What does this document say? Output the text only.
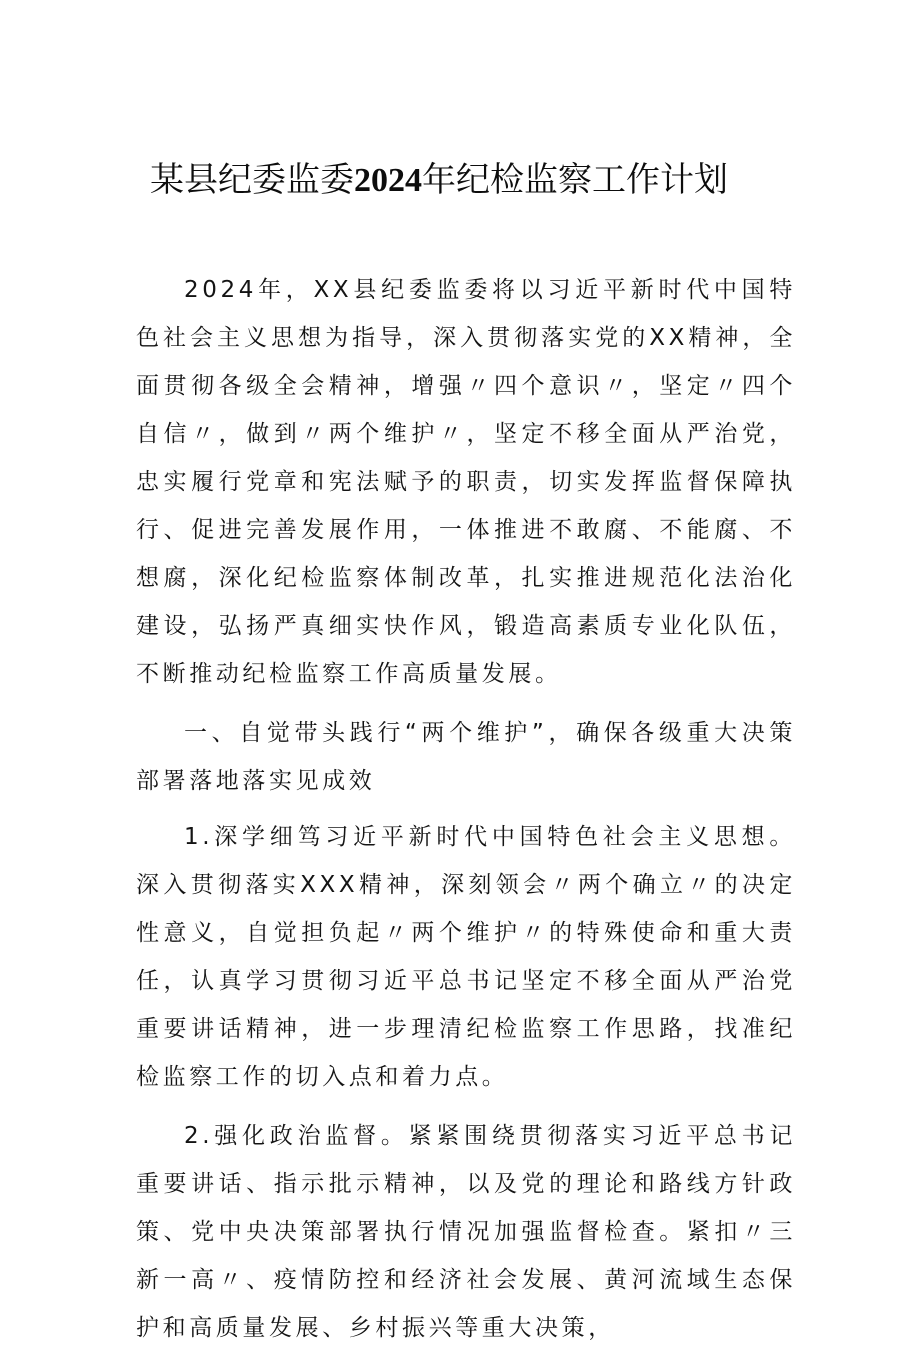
某县纪委监委2024年纪检监察工作计划

2024年，XX县纪委监委将以习近平新时代中国特色社会主义思想为指导，深入贯彻落实党的XX精神，全面贯彻各级全会精神，增强〃四个意识〃，坚定〃四个自信〃，做到〃两个维护〃，坚定不移全面从严治党，忠实履行党章和宪法赋予的职责，切实发挥监督保障执行、促进完善发展作用，一体推进不敢腐、不能腐、不想腐，深化纪检监察体制改革，扎实推进规范化法治化建设，弘扬严真细实快作风，锻造高素质专业化队伍，不断推动纪检监察工作高质量发展。

一、自觉带头践行“两个维护”，确保各级重大决策部署落地落实见成效

1.深学细笃习近平新时代中国特色社会主义思想。深入贯彻落实XXX精神，深刻领会〃两个确立〃的决定性意义，自觉担负起〃两个维护〃的特殊使命和重大责任，认真学习贯彻习近平总书记坚定不移全面从严治党重要讲话精神，进一步理清纪检监察工作思路，找准纪检监察工作的切入点和着力点。

2.强化政治监督。紧紧围绕贯彻落实习近平总书记重要讲话、指示批示精神，以及党的理论和路线方针政策、党中央决策部署执行情况加强监督检查。紧扣〃三新一高〃、疫情防控和经济社会发展、黄河流域生态保护和高质量发展、乡村振兴等重大决策，
